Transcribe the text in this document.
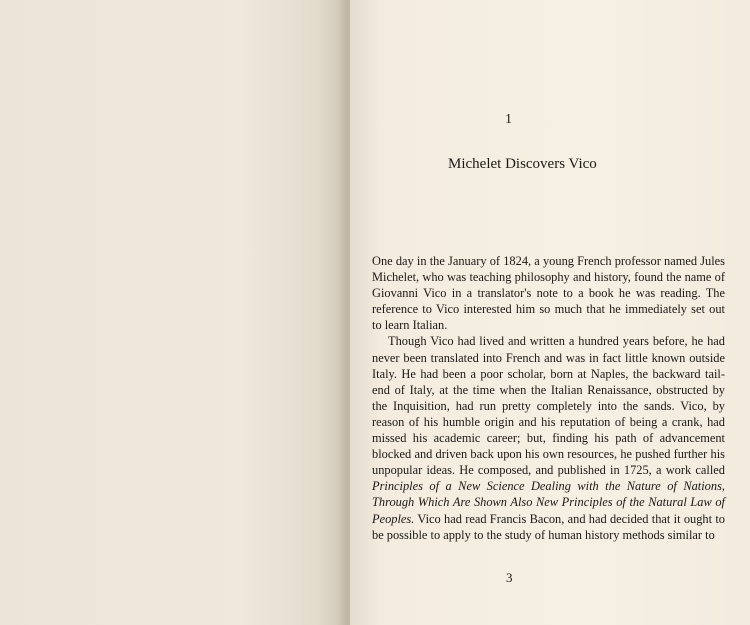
1
Michelet Discovers Vico

One day in the January of 1824, a young French professor named Jules Michelet, who was teaching philosophy and history, found the name of Giovanni Vico in a translator's note to a book he was reading. The reference to Vico interested him so much that he immediately set out to learn Italian.

Though Vico had lived and written a hundred years before, he had never been translated into French and was in fact little known outside Italy. He had been a poor scholar, born at Naples, the backward tail-end of Italy, at the time when the Italian Renaissance, obstructed by the Inquisition, had run pretty completely into the sands. Vico, by reason of his humble origin and his reputation of being a crank, had missed his academic career; but, finding his path of advancement blocked and driven back upon his own resources, he pushed further his unpopular ideas. He composed, and published in 1725, a work called Principles of a New Science Dealing with the Nature of Nations, Through Which Are Shown Also New Principles of the Natural Law of Peoples. Vico had read Francis Bacon, and had decided that it ought to be possible to apply to the study of human history methods similar to

3
